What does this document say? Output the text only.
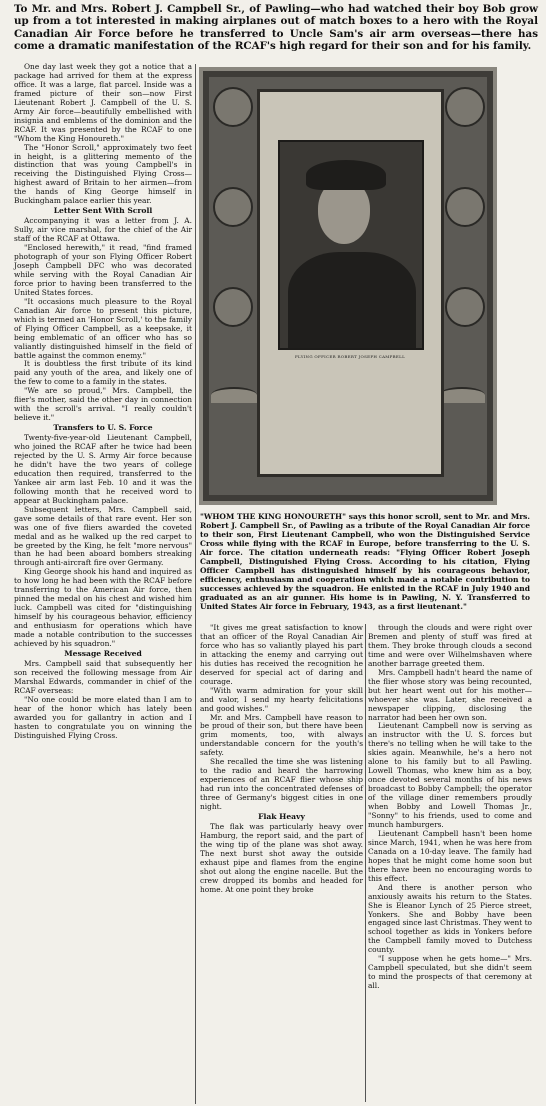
To Mr. and Mrs. Robert J. Campbell Sr., of Pawling—who had watched their boy Bob grow up from a tot interested in making airplanes out of match boxes to a hero with the Royal Canadian Air Force before he transferred to Uncle Sam's air arm overseas—there has come a dramatic manifestation of the RCAF's high regard for their son and for his family.

One day last week they got a notice that a package had arrived for them at the express office. It was a large, flat parcel. Inside was a framed picture of their son—now First Lieutenant Robert J. Campbell of the U. S. Army Air force—beautifully embellished with insignia and emblems of the dominion and the RCAF. It was presented by the RCAF to one "Whom the King Honoureth."

The "Honor Scroll," approximately two feet in height, is a glittering memento of the distinction that was young Campbell's in receiving the Distinguished Flying Cross—highest award of Britain to her airmen—from the hands of King George himself in Buckingham palace earlier this year.

Letter Sent With Scroll

Accompanying it was a letter from J. A. Sully, air vice marshal, for the chief of the Air staff of the RCAF at Ottawa.

"Enclosed herewith," it read, "find framed photograph of your son Flying Officer Robert Joseph Campbell DFC who was decorated while serving with the Royal Canadian Air force prior to having been transferred to the United States forces.

"It occasions much pleasure to the Royal Canadian Air force to present this picture, which is termed an 'Honor Scroll,' to the family of Flying Officer Campbell, as a keepsake, it being emblematic of an officer who has so valiantly distinguished himself in the field of battle against the common enemy."

It is doubtless the first tribute of its kind paid any youth of the area, and likely one of the few to come to a family in the states.

"We are so proud," Mrs. Campbell, the flier's mother, said the other day in connection with the scroll's arrival. "I really couldn't believe it."

Transfers to U. S. Force

Twenty-five-year-old Lieutenant Campbell, who joined the RCAF after he twice had been rejected by the U. S. Army Air force because he didn't have the two years of college education then required, transferred to the Yankee air arm last Feb. 10 and it was the following month that he received word to appear at Buckingham palace.

Subsequent letters, Mrs. Campbell said, gave some details of that rare event. Her son was one of five fliers awarded the coveted medal and as he walked up the red carpet to be greeted by the King, he felt "more nervous" than he had been aboard bombers streaking through anti-aircraft fire over Germany.

King George shook his hand and inquired as to how long he had been with the RCAF before transferring to the American Air force, then pinned the medal on his chest and wished him luck. Campbell was cited for "distinguishing himself by his courageous behavior, efficiency and enthusiasm for operations which have made a notable contribution to the successes achieved by his squadron."

Message Received

Mrs. Campbell said that subsequently her son received the following message from Air Marshal Edwards, commander in chief of the RCAF overseas:

"No one could be more elated than I am to hear of the honor which has lately been awarded you for gallantry in action and I hasten to congratulate you on winning the Distinguished Flying Cross.

FLYING OFFICER ROBERT JOSEPH CAMPBELL
"WHOM THE KING HONOURETH" says this honor scroll, sent to Mr. and Mrs. Robert J. Campbell Sr., of Pawling as a tribute of the Royal Canadian Air force to their son, First Lieutenant Campbell, who won the Distinguished Service Cross while flying with the RCAF in Europe, before transferring to the U. S. Air force. The citation underneath reads: "Flying Officer Robert Joseph Campbell, Distinguished Flying Cross. According to his citation, Flying Officer Campbell has distinguished himself by his courageous behavior, efficiency, enthusiasm and cooperation which made a notable contribution to successes achieved by the squadron. He enlisted in the RCAF in July 1940 and graduated as an air gunner. His home is in Pawling, N. Y. Transferred to United States Air force in February, 1943, as a first lieutenant."

"It gives me great satisfaction to know that an officer of the Royal Canadian Air force who has so valiantly played his part in attacking the enemy and carrying out his duties has received the recognition he deserved for special act of daring and courage.

"With warm admiration for your skill and valor, I send my hearty felicitations and good wishes."

Mr. and Mrs. Campbell have reason to be proud of their son, but there have been grim moments, too, with always understandable concern for the youth's safety.

She recalled the time she was listening to the radio and heard the harrowing experiences of an RCAF flier whose ship had run into the concentrated defenses of three of Germany's biggest cities in one night.

Flak Heavy

The flak was particularly heavy over Hamburg, the report said, and the part of the wing tip of the plane was shot away. The next burst shot away the outside exhaust pipe and flames from the engine shot out along the engine nacelle. But the crew dropped its bombs and headed for home. At one point they broke

through the clouds and were right over Bremen and plenty of stuff was fired at them. They broke through clouds a second time and were over Wilhelmshaven where another barrage greeted them.

Mrs. Campbell hadn't heard the name of the flier whose story was being recounted, but her heart went out for his mother—whoever she was. Later, she received a newspaper clipping, disclosing the narrator had been her own son.

Lieutenant Campbell now is serving as an instructor with the U. S. forces but there's no telling when he will take to the skies again. Meanwhile, he's a hero not alone to his family but to all Pawling. Lowell Thomas, who knew him as a boy, once devoted several months of his news broadcast to Bobby Campbell; the operator of the village diner remembers proudly when Bobby and Lowell Thomas Jr., "Sonny" to his friends, used to come and munch hamburgers.

Lieutenant Campbell hasn't been home since March, 1941, when he was here from Canada on a 10-day leave. The family had hopes that he might come home soon but there have been no encouraging words to this effect.

And there is another person who anxiously awaits his return to the States. She is Eleanor Lynch of 25 Pierce street, Yonkers. She and Bobby have been engaged since last Christmas. They went to school together as kids in Yonkers before the Campbell family moved to Dutchess county.

"I suppose when he gets home—" Mrs. Campbell speculated, but she didn't seem to mind the prospects of that ceremony at all.
